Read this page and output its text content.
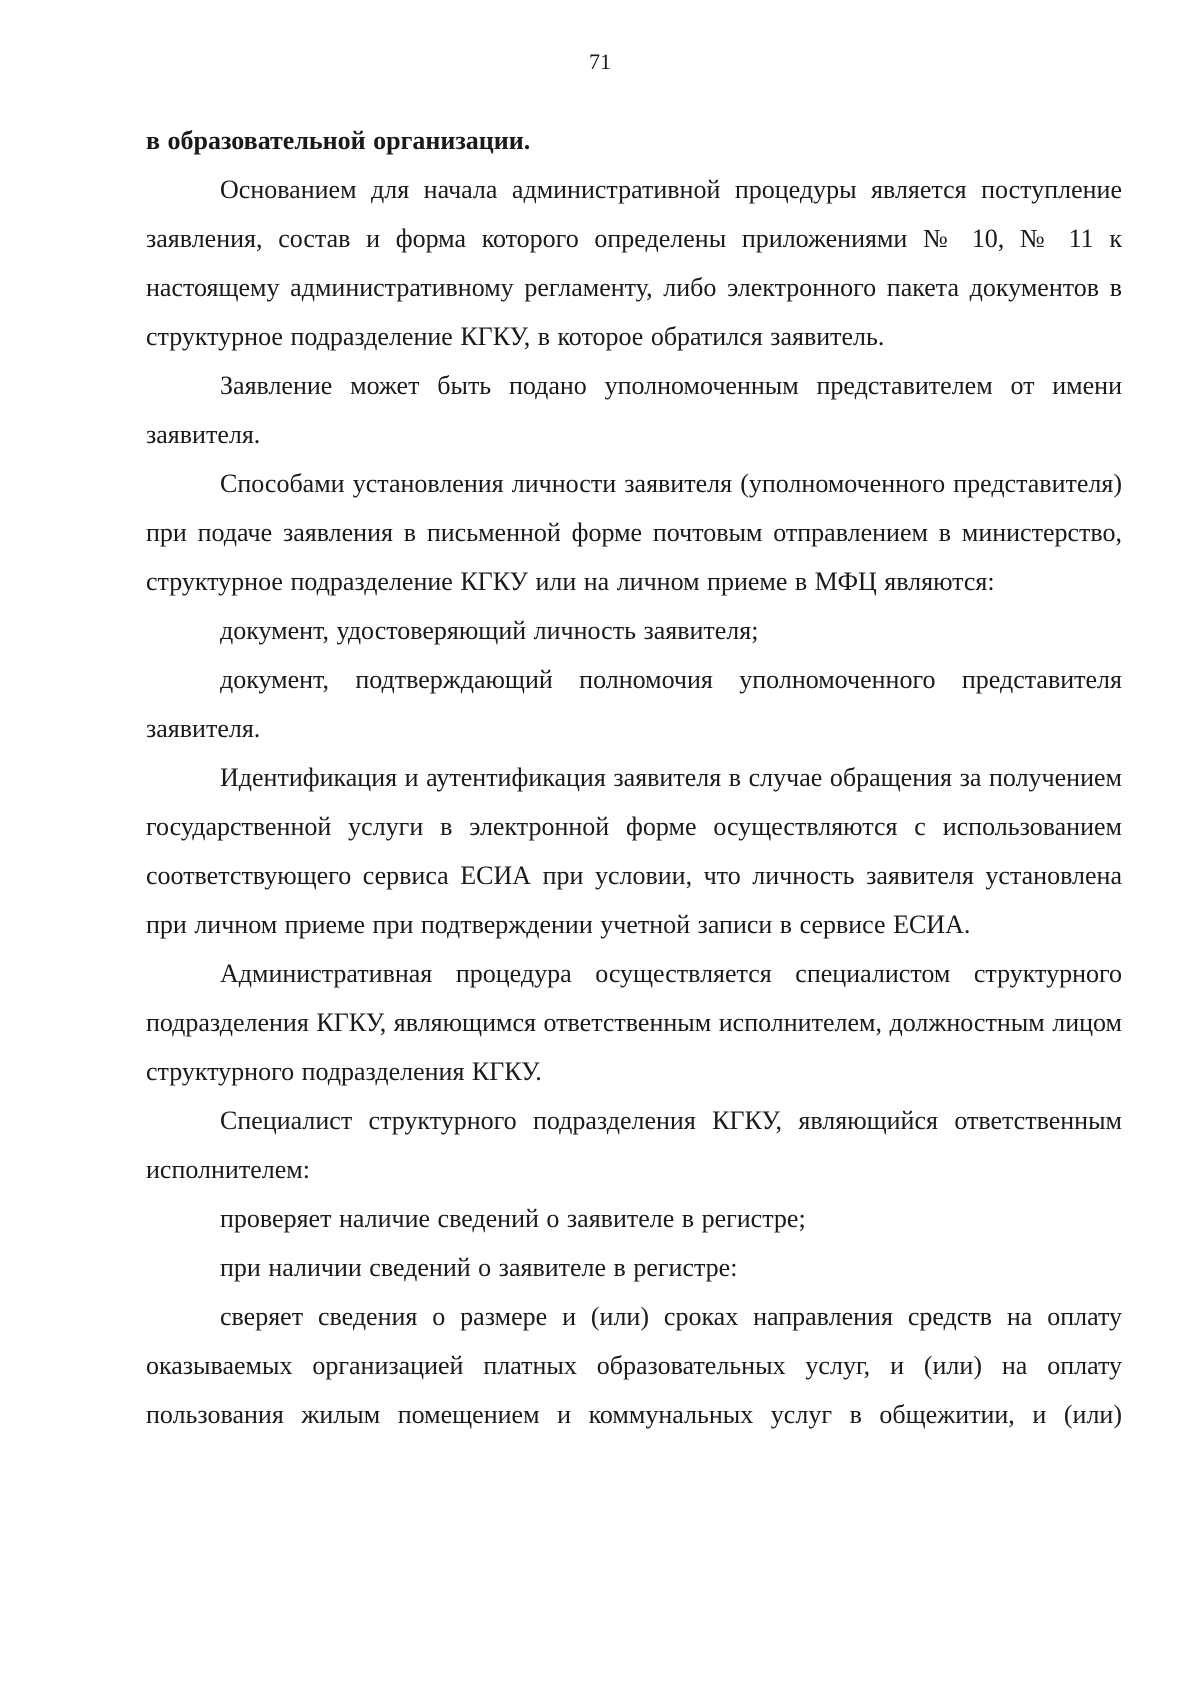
71

в образовательной организации.

Основанием для начала административной процедуры является поступление заявления, состав и форма которого определены приложениями № 10, № 11 к настоящему административному регламенту, либо электронного пакета документов в структурное подразделение КГКУ, в которое обратился заявитель.

Заявление может быть подано уполномоченным представителем от имени заявителя.

Способами установления личности заявителя (уполномоченного представителя) при подаче заявления в письменной форме почтовым отправлением в министерство, структурное подразделение КГКУ или на личном приеме в МФЦ являются:

документ, удостоверяющий личность заявителя;

документ, подтверждающий полномочия уполномоченного представителя заявителя.

Идентификация и аутентификация заявителя в случае обращения за получением государственной услуги в электронной форме осуществляются с использованием соответствующего сервиса ЕСИА при условии, что личность заявителя установлена при личном приеме при подтверждении учетной записи в сервисе ЕСИА.

Административная процедура осуществляется специалистом структурного подразделения КГКУ, являющимся ответственным исполнителем, должностным лицом структурного подразделения КГКУ.

Специалист структурного подразделения КГКУ, являющийся ответственным исполнителем:

проверяет наличие сведений о заявителе в регистре;

при наличии сведений о заявителе в регистре:

сверяет сведения о размере и (или) сроках направления средств на оплату оказываемых организацией платных образовательных услуг, и (или) на оплату пользования жилым помещением и коммунальных услуг в общежитии, и (или)
